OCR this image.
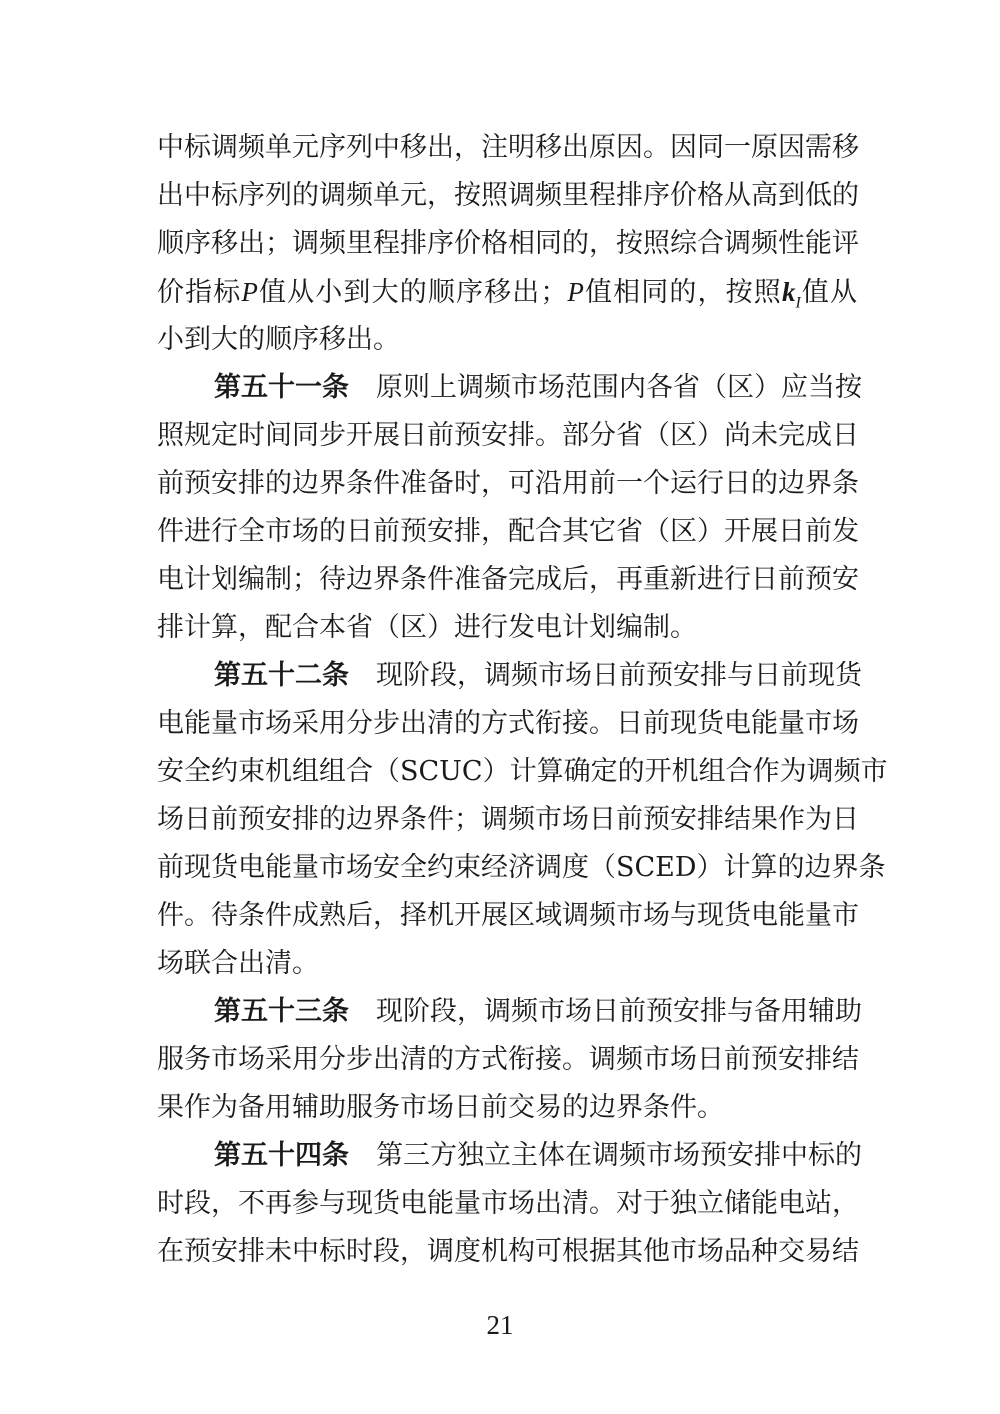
中标调频单元序列中移出，注明移出原因。因同一原因需移
出中标序列的调频单元，按照调频里程排序价格从高到低的
顺序移出；调频里程排序价格相同的，按照综合调频性能评
价指标P值从小到大的顺序移出；P值相同的，按照$k_I$值从
小到大的顺序移出。
第五十一条  原则上调频市场范围内各省（区）应当按
照规定时间同步开展日前预安排。部分省（区）尚未完成日
前预安排的边界条件准备时，可沿用前一个运行日的边界条
件进行全市场的日前预安排，配合其它省（区）开展日前发
电计划编制；待边界条件准备完成后，再重新进行日前预安
排计算，配合本省（区）进行发电计划编制。
第五十二条  现阶段，调频市场日前预安排与日前现货
电能量市场采用分步出清的方式衔接。日前现货电能量市场
安全约束机组组合（SCUC）计算确定的开机组合作为调频市
场日前预安排的边界条件；调频市场日前预安排结果作为日
前现货电能量市场安全约束经济调度（SCED）计算的边界条
件。待条件成熟后，择机开展区域调频市场与现货电能量市
场联合出清。
第五十三条  现阶段，调频市场日前预安排与备用辅助
服务市场采用分步出清的方式衔接。调频市场日前预安排结
果作为备用辅助服务市场日前交易的边界条件。
第五十四条  第三方独立主体在调频市场预安排中标的
时段，不再参与现货电能量市场出清。对于独立储能电站，
在预安排未中标时段，调度机构可根据其他市场品种交易结
21
